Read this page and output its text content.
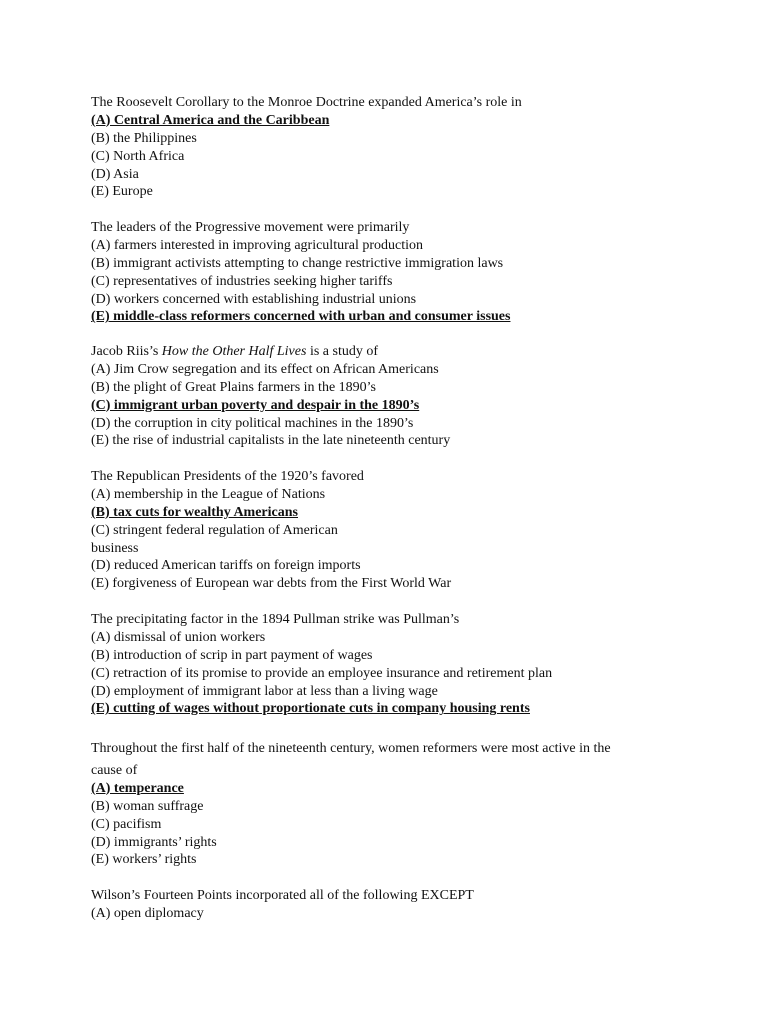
The Roosevelt Corollary to the Monroe Doctrine expanded America’s role in
(A) Central America and the Caribbean
(B) the Philippines
(C) North Africa
(D) Asia
(E) Europe
The leaders of the Progressive movement were primarily
(A) farmers interested in improving agricultural production
(B) immigrant activists attempting to change restrictive immigration laws
(C) representatives of industries seeking higher tariffs
(D) workers concerned with establishing industrial unions
(E) middle-class reformers concerned with urban and consumer issues
Jacob Riis’s How the Other Half Lives is a study of
(A) Jim Crow segregation and its effect on African Americans
(B) the plight of Great Plains farmers in the 1890’s
(C) immigrant urban poverty and despair in the 1890’s
(D) the corruption in city political machines in the 1890’s
(E) the rise of industrial capitalists in the late nineteenth century
The Republican Presidents of the 1920’s favored
(A) membership in the League of Nations
(B) tax cuts for wealthy Americans
(C) stringent federal regulation of American
business
(D) reduced American tariffs on foreign imports
(E) forgiveness of European war debts from the First World War
The precipitating factor in the 1894 Pullman strike was Pullman’s
(A) dismissal of union workers
(B) introduction of scrip in part payment of wages
(C) retraction of its promise to provide an employee insurance and retirement plan
(D) employment of immigrant labor at less than a living wage
(E) cutting of wages without proportionate cuts in company housing rents
Throughout the first half of the nineteenth century, women reformers were most active in the
cause of
(A) temperance
(B) woman suffrage
(C) pacifism
(D) immigrants’ rights
(E) workers’ rights
Wilson’s Fourteen Points incorporated all of the following EXCEPT
(A) open diplomacy
